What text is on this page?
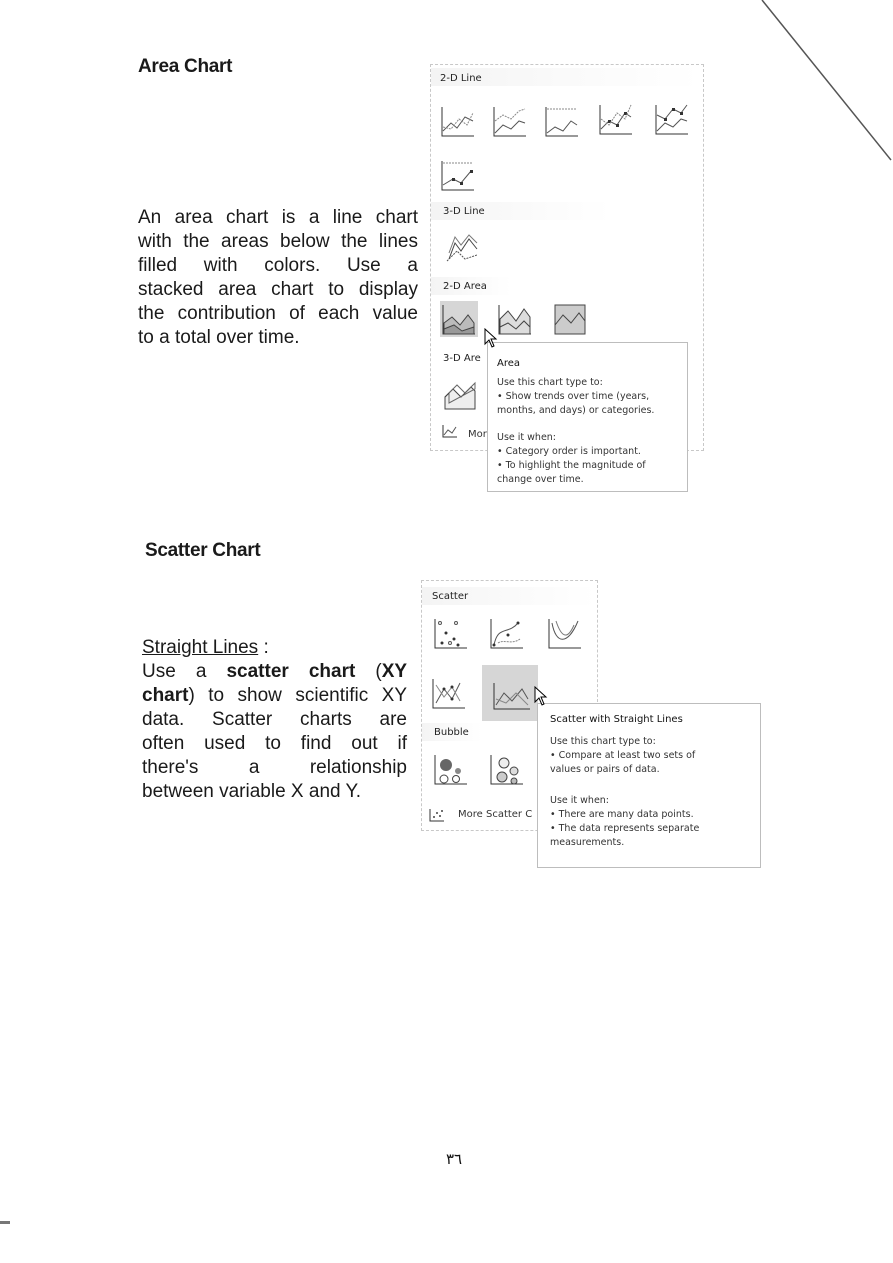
Area Chart
An area chart is a line chart
with the areas below the lines
filled with colors. Use a
stacked area chart to display
the contribution of each value
to a total over time.
2-D Line
3-D Line
2-D Area
3-D Are
Mor
Area
Use this chart type to:
• Show trends over time (years,
months, and days) or categories.
Use it when:
• Category order is important.
• To highlight the magnitude of
change over time.
Scatter Chart
Straight Lines :
Use a scatter chart (XY
chart) to show scientific XY
data. Scatter charts are
often used to find out if
there's a relationship
between variable X and Y.
Scatter
Bubble
More Scatter C
Scatter with Straight Lines
Use this chart type to:
• Compare at least two sets of
values or pairs of data.
Use it when:
• There are many data points.
• The data represents separate
measurements.
٣٦
